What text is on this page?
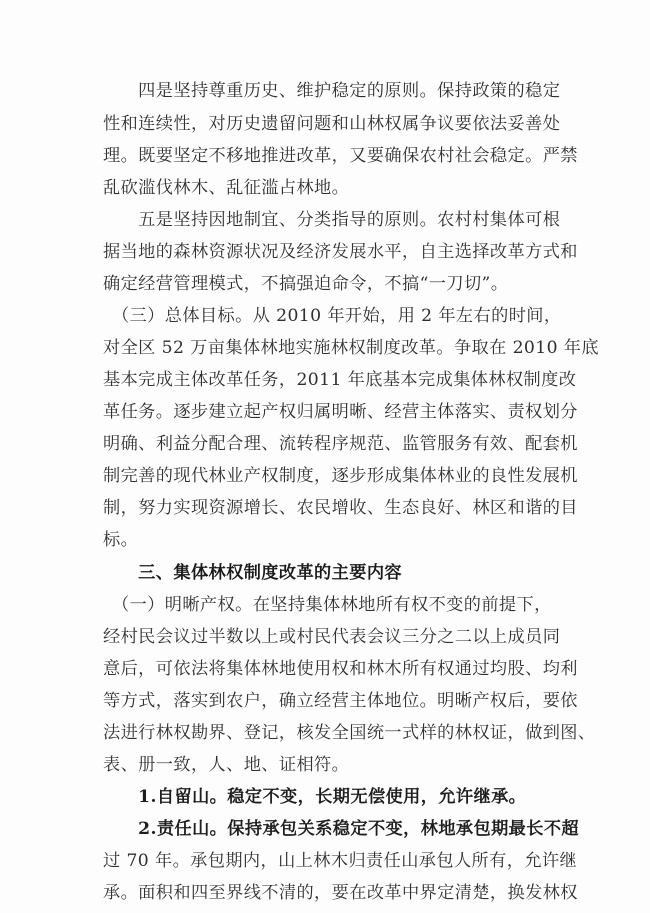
　　四是坚持尊重历史、维护稳定的原则。保持政策的稳定
性和连续性，对历史遗留问题和山林权属争议要依法妥善处
理。既要坚定不移地推进改革，又要确保农村社会稳定。严禁
乱砍滥伐林木、乱征滥占林地。
　　五是坚持因地制宜、分类指导的原则。农村村集体可根
据当地的森林资源状况及经济发展水平，自主选择改革方式和
确定经营管理模式，不搞强迫命令，不搞“一刀切”。
　（三）总体目标。从 2010 年开始，用 2 年左右的时间，
对全区 52 万亩集体林地实施林权制度改革。争取在 2010 年底
基本完成主体改革任务，2011 年底基本完成集体林权制度改
革任务。逐步建立起产权归属明晰、经营主体落实、责权划分
明确、利益分配合理、流转程序规范、监管服务有效、配套机
制完善的现代林业产权制度，逐步形成集体林业的良性发展机
制，努力实现资源增长、农民增收、生态良好、林区和谐的目
标。
　　三、集体林权制度改革的主要内容
　（一）明晰产权。在坚持集体林地所有权不变的前提下，
经村民会议过半数以上或村民代表会议三分之二以上成员同
意后，可依法将集体林地使用权和林木所有权通过均股、均利
等方式，落实到农户，确立经营主体地位。明晰产权后，要依
法进行林权勘界、登记，核发全国统一式样的林权证，做到图、
表、册一致，人、地、证相符。
　　1.自留山。稳定不变，长期无偿使用，允许继承。
　　2.责任山。保持承包关系稳定不变，林地承包期最长不超
过 70 年。承包期内，山上林木归责任山承包人所有，允许继
承。面积和四至界线不清的，要在改革中界定清楚，换发林权
